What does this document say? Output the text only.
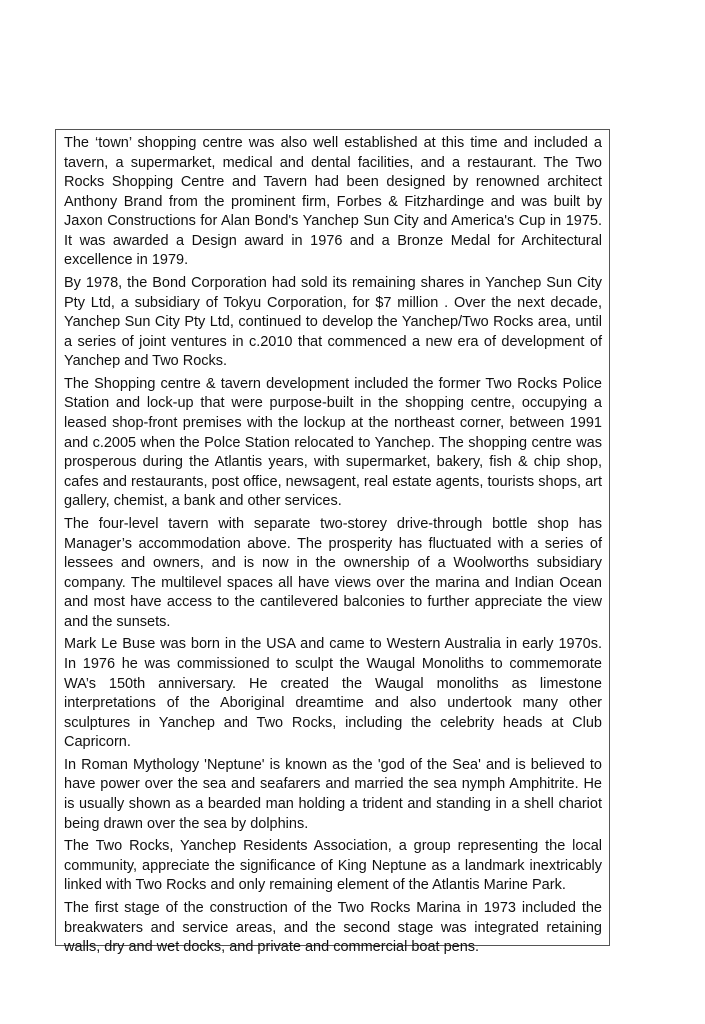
The ‘town’ shopping centre was also well established at this time and included a tavern, a supermarket, medical and dental facilities, and a restaurant. The Two Rocks Shopping Centre and Tavern had been designed by renowned architect Anthony Brand from the prominent firm, Forbes & Fitzhardinge and was built by Jaxon Constructions for Alan Bond's Yanchep Sun City and America's Cup in 1975. It was awarded a Design award in 1976 and a Bronze Medal for Architectural excellence in 1979.

By 1978, the Bond Corporation had sold its remaining shares in Yanchep Sun City Pty Ltd, a subsidiary of Tokyu Corporation, for $7 million . Over the next decade, Yanchep Sun City Pty Ltd, continued to develop the Yanchep/Two Rocks area, until a series of joint ventures in c.2010 that commenced a new era of development of Yanchep and Two Rocks.

The Shopping centre & tavern development included the former Two Rocks Police Station and lock-up that were purpose-built in the shopping centre, occupying a leased shop-front premises with the lockup at the northeast corner, between 1991 and c.2005 when the Polce Station relocated to Yanchep. The shopping centre was prosperous during the Atlantis years, with supermarket, bakery, fish & chip shop, cafes and restaurants, post office, newsagent, real estate agents, tourists shops, art gallery, chemist, a bank and other services.

The four-level tavern with separate two-storey drive-through bottle shop has Manager’s accommodation above. The prosperity has fluctuated with a series of lessees and owners, and is now in the ownership of a Woolworths subsidiary company. The multilevel spaces all have views over the marina and Indian Ocean and most have access to the cantilevered balconies to further appreciate the view and the sunsets.

Mark Le Buse was born in the USA and came to Western Australia in early 1970s. In 1976 he was commissioned to sculpt the Waugal Monoliths to commemorate WA’s 150th anniversary. He created the Waugal monoliths as limestone interpretations of the Aboriginal dreamtime and also undertook many other sculptures in Yanchep and Two Rocks, including the celebrity heads at Club Capricorn.

In Roman Mythology 'Neptune' is known as the 'god of the Sea' and is believed to have power over the sea and seafarers and married the sea nymph Amphitrite. He is usually shown as a bearded man holding a trident and standing in a shell chariot being drawn over the sea by dolphins.

The Two Rocks, Yanchep Residents Association, a group representing the local community, appreciate the significance of King Neptune as a landmark inextricably linked with Two Rocks and only remaining element of the Atlantis Marine Park.

The first stage of the construction of the Two Rocks Marina in 1973 included the breakwaters and service areas, and the second stage was integrated retaining walls, dry and wet docks, and private and commercial boat pens.
